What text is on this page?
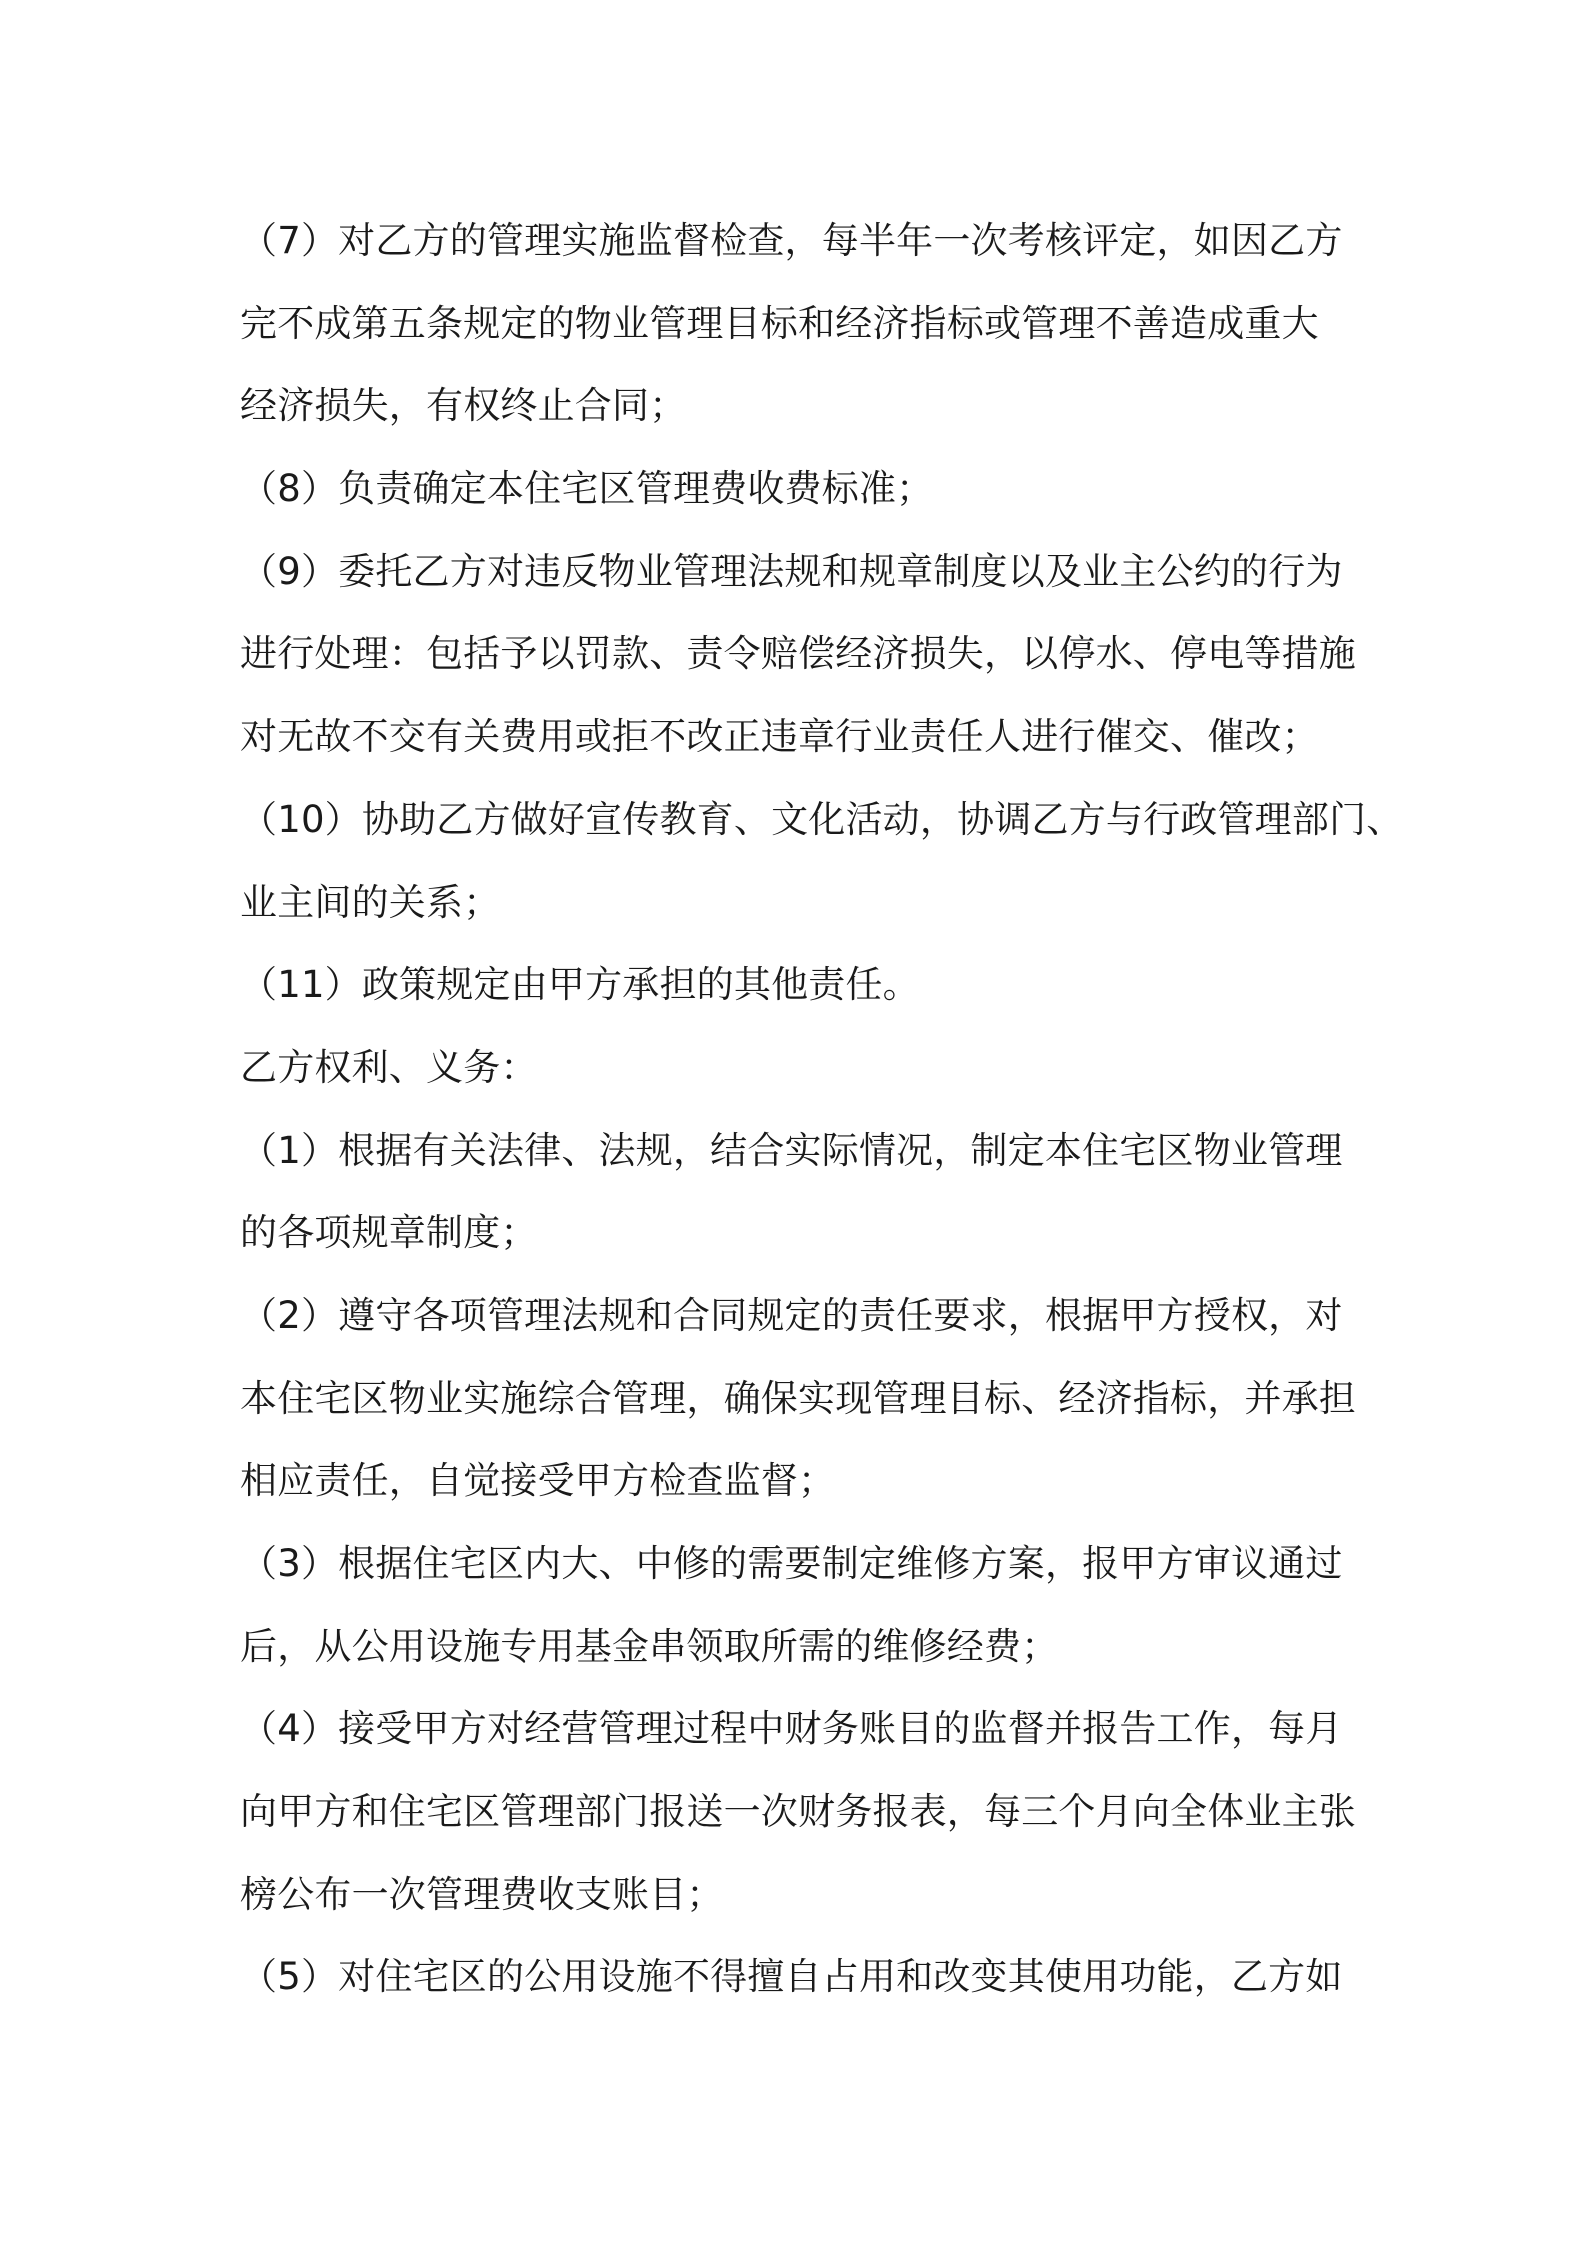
（7）对乙方的管理实施监督检查，每半年一次考核评定，如因乙方
完不成第五条规定的物业管理目标和经济指标或管理不善造成重大
经济损失，有权终止合同；
（8）负责确定本住宅区管理费收费标准；
（9）委托乙方对违反物业管理法规和规章制度以及业主公约的行为
进行处理：包括予以罚款、责令赔偿经济损失，以停水、停电等措施
对无故不交有关费用或拒不改正违章行业责任人进行催交、催改；
（10）协助乙方做好宣传教育、文化活动，协调乙方与行政管理部门、
业主间的关系；
（11）政策规定由甲方承担的其他责任。
乙方权利、义务：
（1）根据有关法律、法规，结合实际情况，制定本住宅区物业管理
的各项规章制度；
（2）遵守各项管理法规和合同规定的责任要求，根据甲方授权，对
本住宅区物业实施综合管理，确保实现管理目标、经济指标，并承担
相应责任，自觉接受甲方检查监督；
（3）根据住宅区内大、中修的需要制定维修方案，报甲方审议通过
后，从公用设施专用基金串领取所需的维修经费；
（4）接受甲方对经营管理过程中财务账目的监督并报告工作，每月
向甲方和住宅区管理部门报送一次财务报表，每三个月向全体业主张
榜公布一次管理费收支账目；
（5）对住宅区的公用设施不得擅自占用和改变其使用功能，乙方如
